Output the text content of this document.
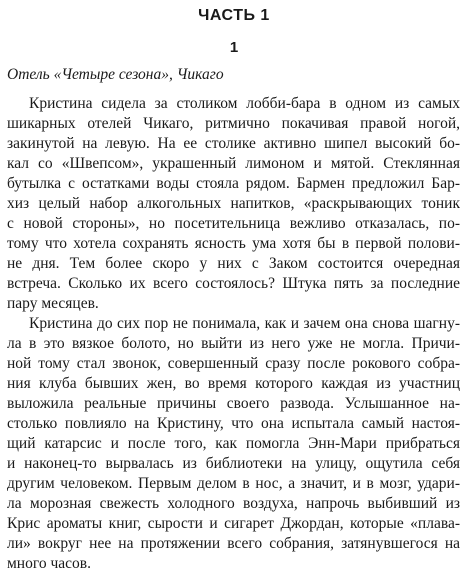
ЧАСТЬ 1
1
Отель «Четыре сезона», Чикаго
Кристина сидела за столиком лобби-бара в одном из самых
шикарных отелей Чикаго, ритмично покачивая правой ногой,
закинутой на левую. На ее столике активно шипел высокий бо-
кал со «Швепсом», украшенный лимоном и мятой. Стеклянная
бутылка с остатками воды стояла рядом. Бармен предложил Бар-
хиз целый набор алкогольных напитков, «раскрывающих тоник
с новой стороны», но посетительница вежливо отказалась, по-
тому что хотела сохранять ясность ума хотя бы в первой полови-
не дня. Тем более скоро у них с Заком состоится очередная
встреча. Сколько их всего состоялось? Штука пять за последние
пару месяцев.
Кристина до сих пор не понимала, как и зачем она снова шагну-
ла в это вязкое болото, но выйти из него уже не могла. Причи-
ной тому стал звонок, совершенный сразу после рокового собра-
ния клуба бывших жен, во время которого каждая из участниц
выложила реальные причины своего развода. Услышанное на-
столько повлияло на Кристину, что она испытала самый настоя-
щий катарсис и после того, как помогла Энн-Мари прибраться
и наконец-то вырвалась из библиотеки на улицу, ощутила себя
другим человеком. Первым делом в нос, а значит, и в мозг, удари-
ла морозная свежесть холодного воздуха, напрочь выбивший из
Крис ароматы книг, сырости и сигарет Джордан, которые «плава-
ли» вокруг нее на протяжении всего собрания, затянувшегося на
много часов.
